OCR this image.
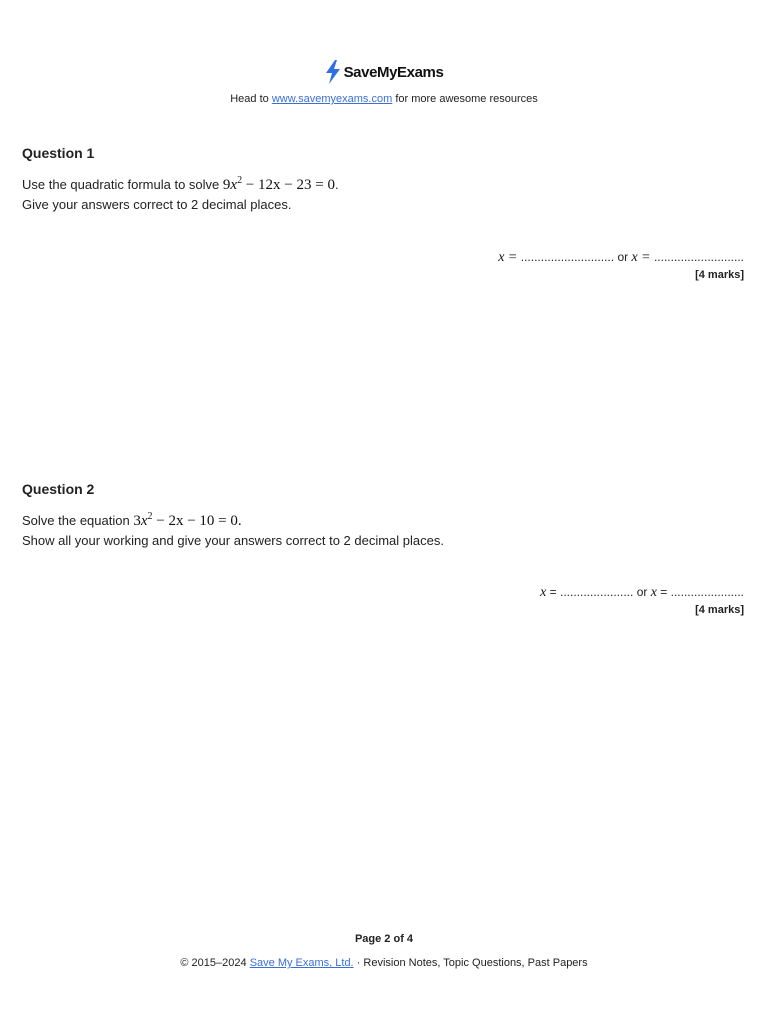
SaveMyExams
Head to www.savemyexams.com for more awesome resources
Question 1
Use the quadratic formula to solve $9x^2 - 12x - 23 = 0$.
Give your answers correct to 2 decimal places.
x = ............................ or x = ...........................
[4 marks]
Question 2
Solve the equation $3x^2 - 2x - 10 = 0$.
Show all your working and give your answers correct to 2 decimal places.
x = ...................... or x = ......................
[4 marks]
Page 2 of 4
© 2015–2024 Save My Exams, Ltd. · Revision Notes, Topic Questions, Past Papers
